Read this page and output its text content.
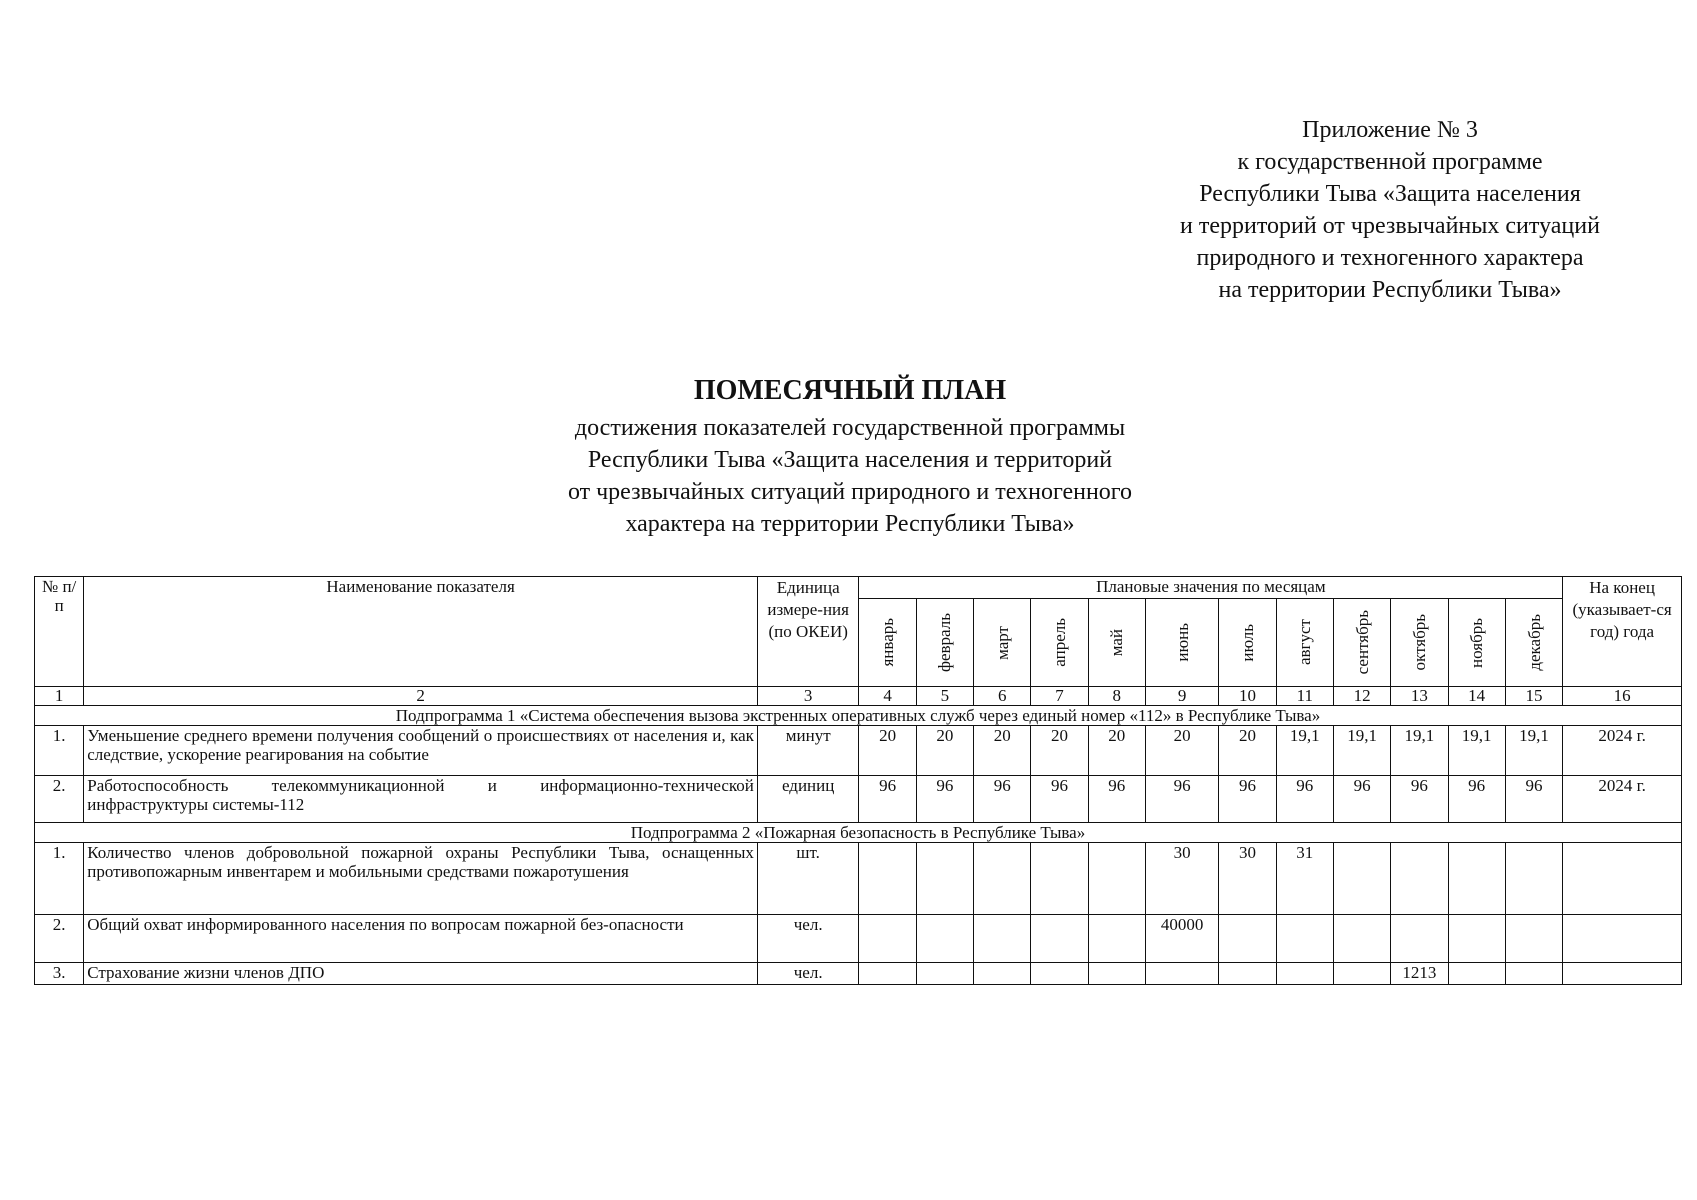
Приложение № 3
к государственной программе
Республики Тыва «Защита населения
и территорий от чрезвычайных ситуаций
природного и техногенного характера
на территории Республики Тыва»
ПОМЕСЯЧНЫЙ ПЛАН
достижения показателей государственной программы
Республики Тыва «Защита населения и территорий
от чрезвычайных ситуаций природного и техногенного
характера на территории Республики Тыва»
№ п/п	Наименование показателя	Единица измере-ния (по ОКЕИ)	Плановые значения по месяцам												На конец (указывает-ся год) года

			январь	февраль	март	апрель	май	июнь	июль	август	сентябрь	октябрь	ноябрь	декабрь	

1	2	3	4	5	6	7	8	9	10	11	12	13	14	15	16
Подпрограмма 1 «Система обеспечения вызова экстренных оперативных служб через единый номер «112» в Республике Тыва»															
1.	Уменьшение среднего времени получения сообщений о происшествиях от населения и, как следствие, ускорение реагирования на событие	минут	20	20	20	20	20	20	20	19,1	19,1	19,1	19,1	19,1	2024 г.
2.	Работоспособность телекоммуникационной и информационно-технической инфраструктуры системы-112	единиц	96	96	96	96	96	96	96	96	96	96	96	96	2024 г.
Подпрограмма 2 «Пожарная безопасность в Республике Тыва»															
1.	Количество членов добровольной пожарной охраны Республики Тыва, оснащенных противопожарным инвентарем и мобильными средствами пожаротушения	шт.						30	30	31					
2.	Общий охват информированного населения по вопросам пожарной без-опасности	чел.						40000							
3.	Страхование жизни членов ДПО	чел.										1213			
